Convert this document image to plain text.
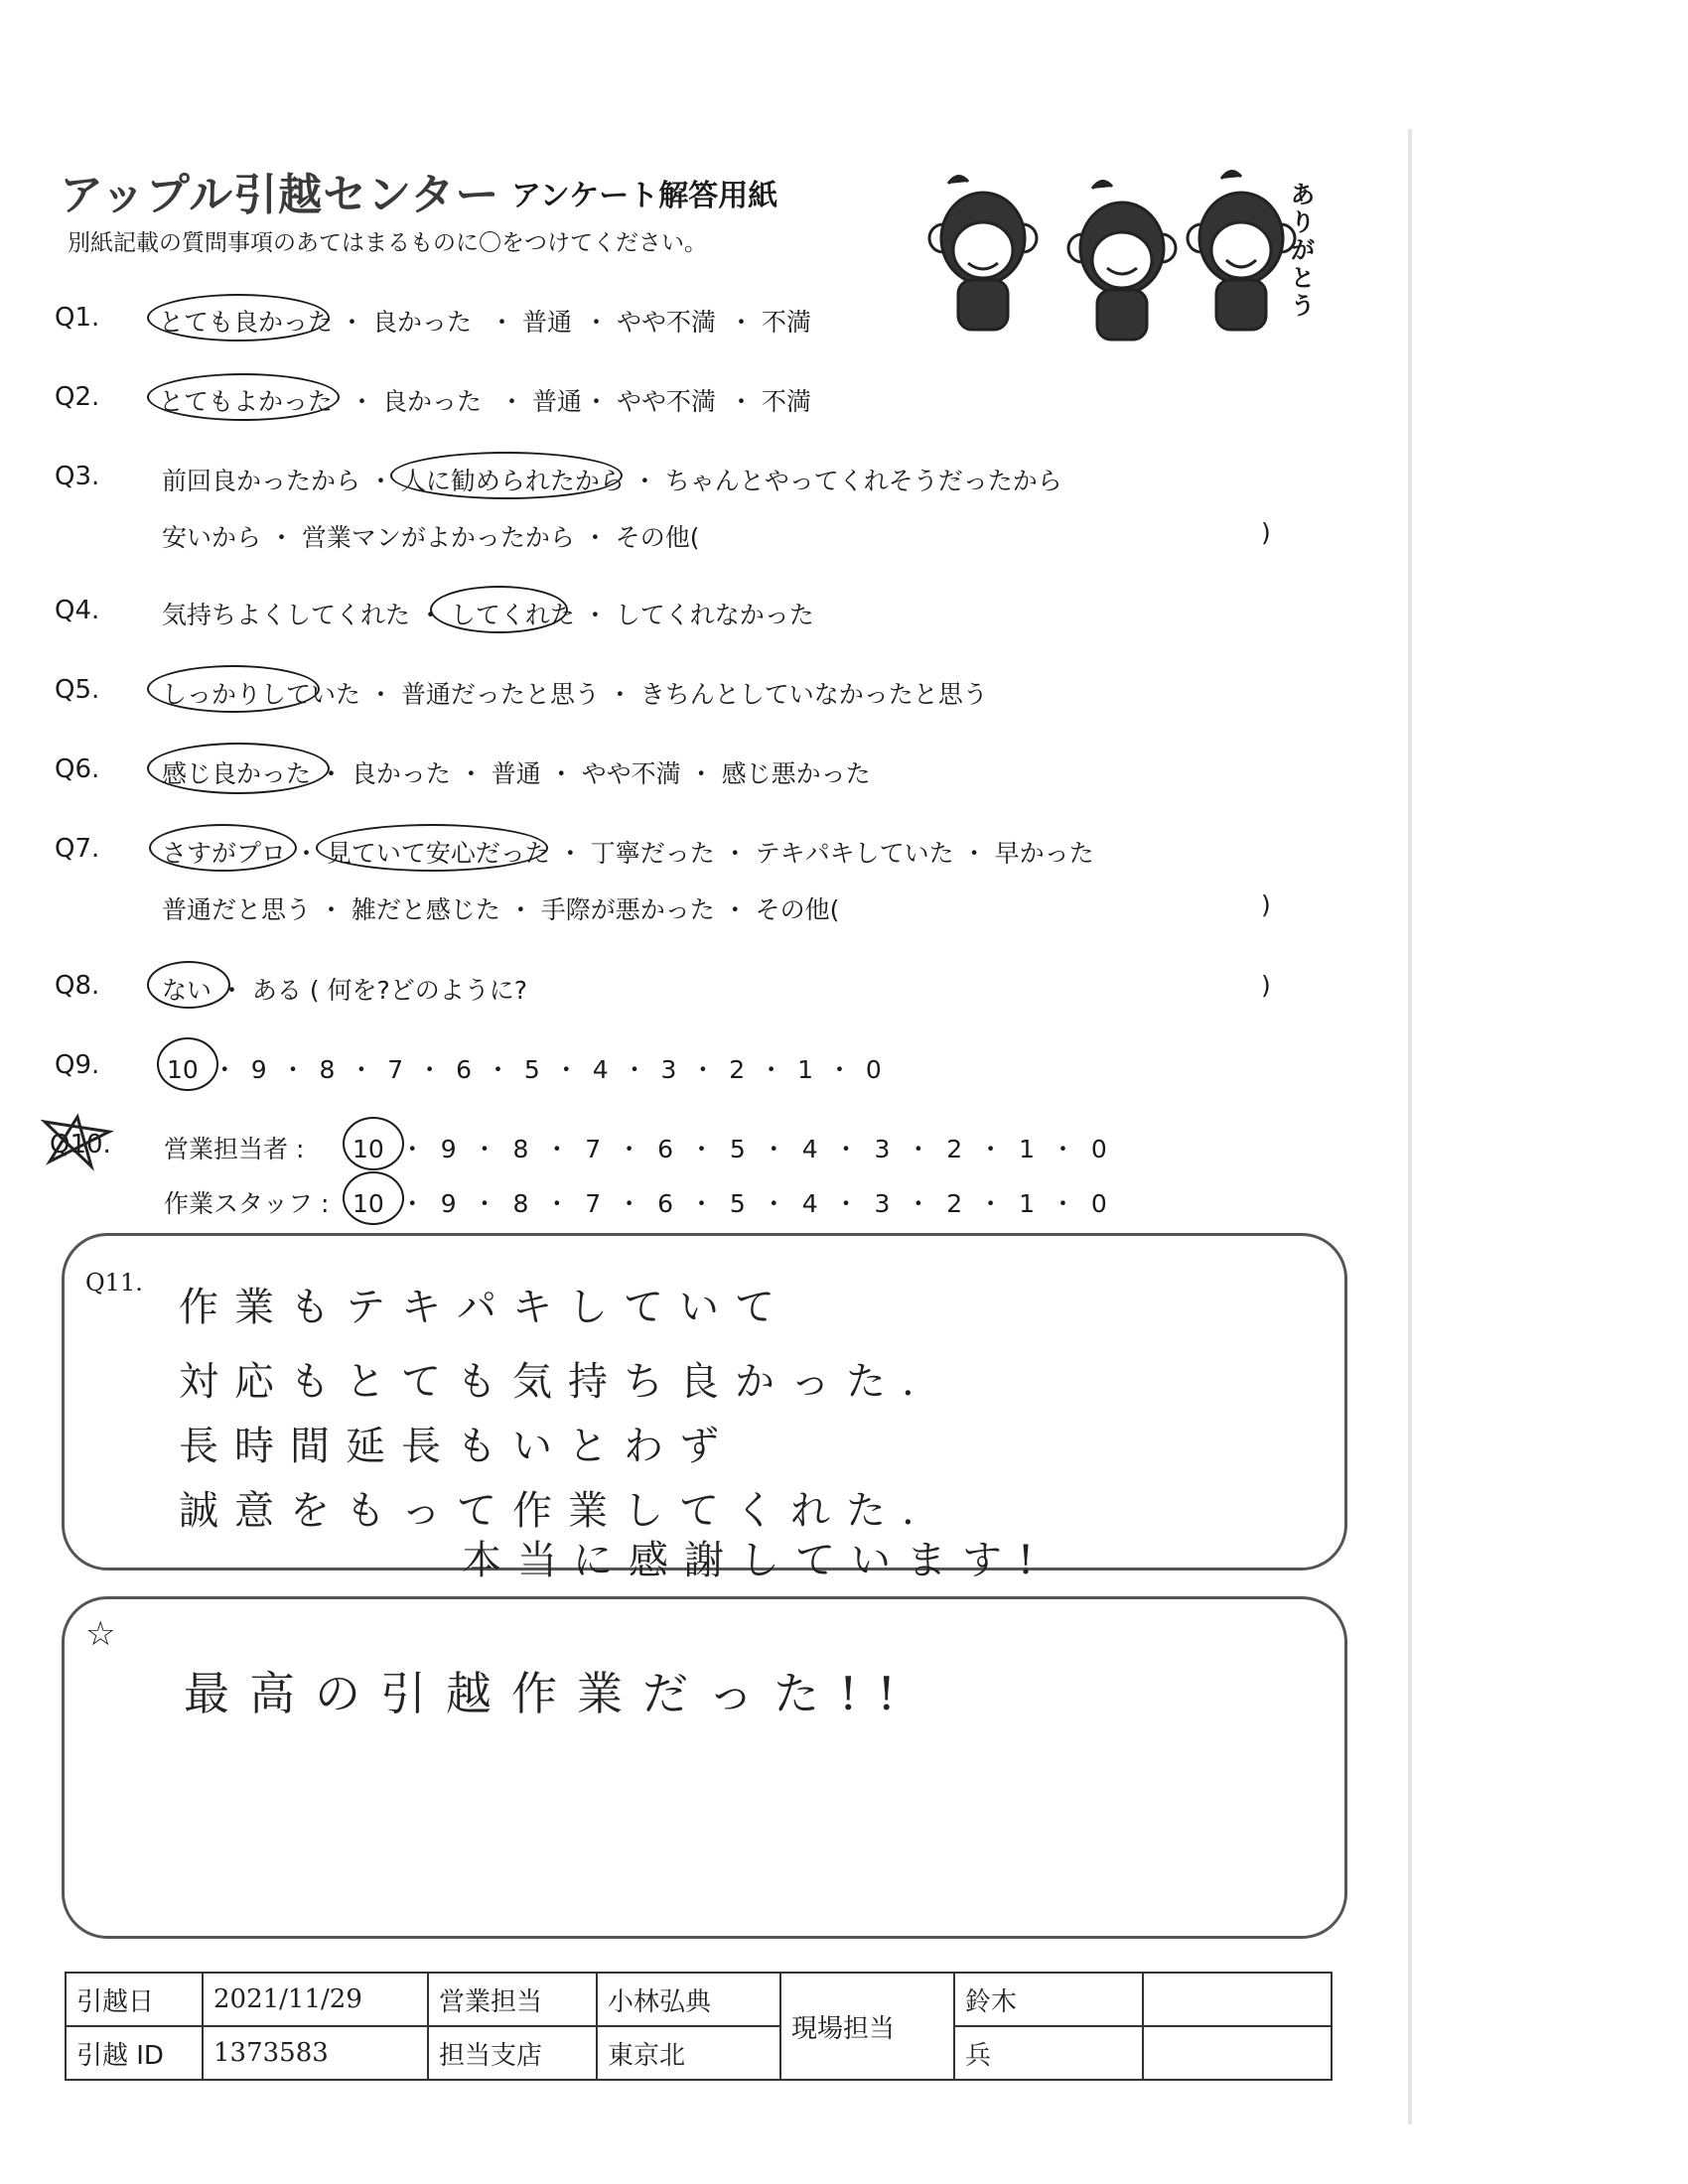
アップル引越センター アンケート解答用紙
別紙記載の質問事項のあてはまるものに〇をつけてください。
ありがとう
Q1. とても良かった ・ 良かった ・ 普通 ・ やや不満 ・ 不満
Q2. とてもよかった ・ 良かった ・ 普通 ・ やや不満 ・ 不満
Q3.	前回良かったから ・ 人に勧められたから ・ ちゃんとやってくれそうだったから
安いから ・ 営業マンがよかったから ・ その他(	)
Q4.	気持ちよくしてくれた ・ してくれた ・ してくれなかった
Q5.	しっかりしていた ・ 普通だったと思う ・ きちんとしていなかったと思う
Q6.	感じ良かった ・ 良かった ・ 普通 ・ やや不満 ・ 感じ悪かった
Q7.	さすがプロ ・ 見ていて安心だった ・ 丁寧だった ・ テキパキしていた ・ 早かった
普通だと思う ・ 雑だと感じた ・ 手際が悪かった ・ その他(	)
Q8.	ない ・ ある ( 何を?どのように?	)
Q9.	10 ・ 9 ・ 8 ・ 7 ・ 6 ・ 5 ・ 4 ・ 3 ・ 2 ・ 1 ・ 0
Q10. 営業担当者 : 10 ・ 9 ・ 8 ・ 7 ・ 6 ・ 5 ・ 4 ・ 3 ・ 2 ・ 1 ・ 0
作業スタッフ : 10 ・ 9 ・ 8 ・ 7 ・ 6 ・ 5 ・ 4 ・ 3 ・ 2 ・ 1 ・ 0
Q11.
作業もテキパキしていて
対応もとても気持ち良かった.
長時間延長もいとわず
誠意をもって作業してくれた.
本当に感謝しています!
☆
最高の引越作業だった!!
引越日	2021/11/29	営業担当	小林弘典	現場担当	鈴木	
引越 ID	1373583	担当支店	東京北		兵	
